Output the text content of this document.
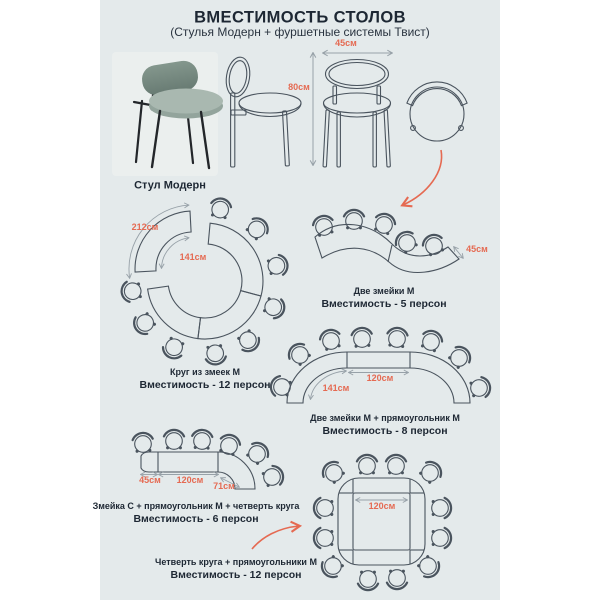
ВМЕСТИМОСТЬ СТОЛОВ
(Стулья Модерн + фуршетные системы Твист)
Стул Модерн
80см
45см
212см
141см
Круг из змеек М
Вместимость - 12 персон
45см
Две змейки М
Вместимость - 5 персон
120см
141см
Две змейки М + прямоугольник М
Вместимость - 8 персон
45см 120см
71см
Змейка С + прямоугольник М + четверть круга
Вместимость - 6 персон
120см
Четверть круга + прямоугольники М
Вместимость - 12 персон
